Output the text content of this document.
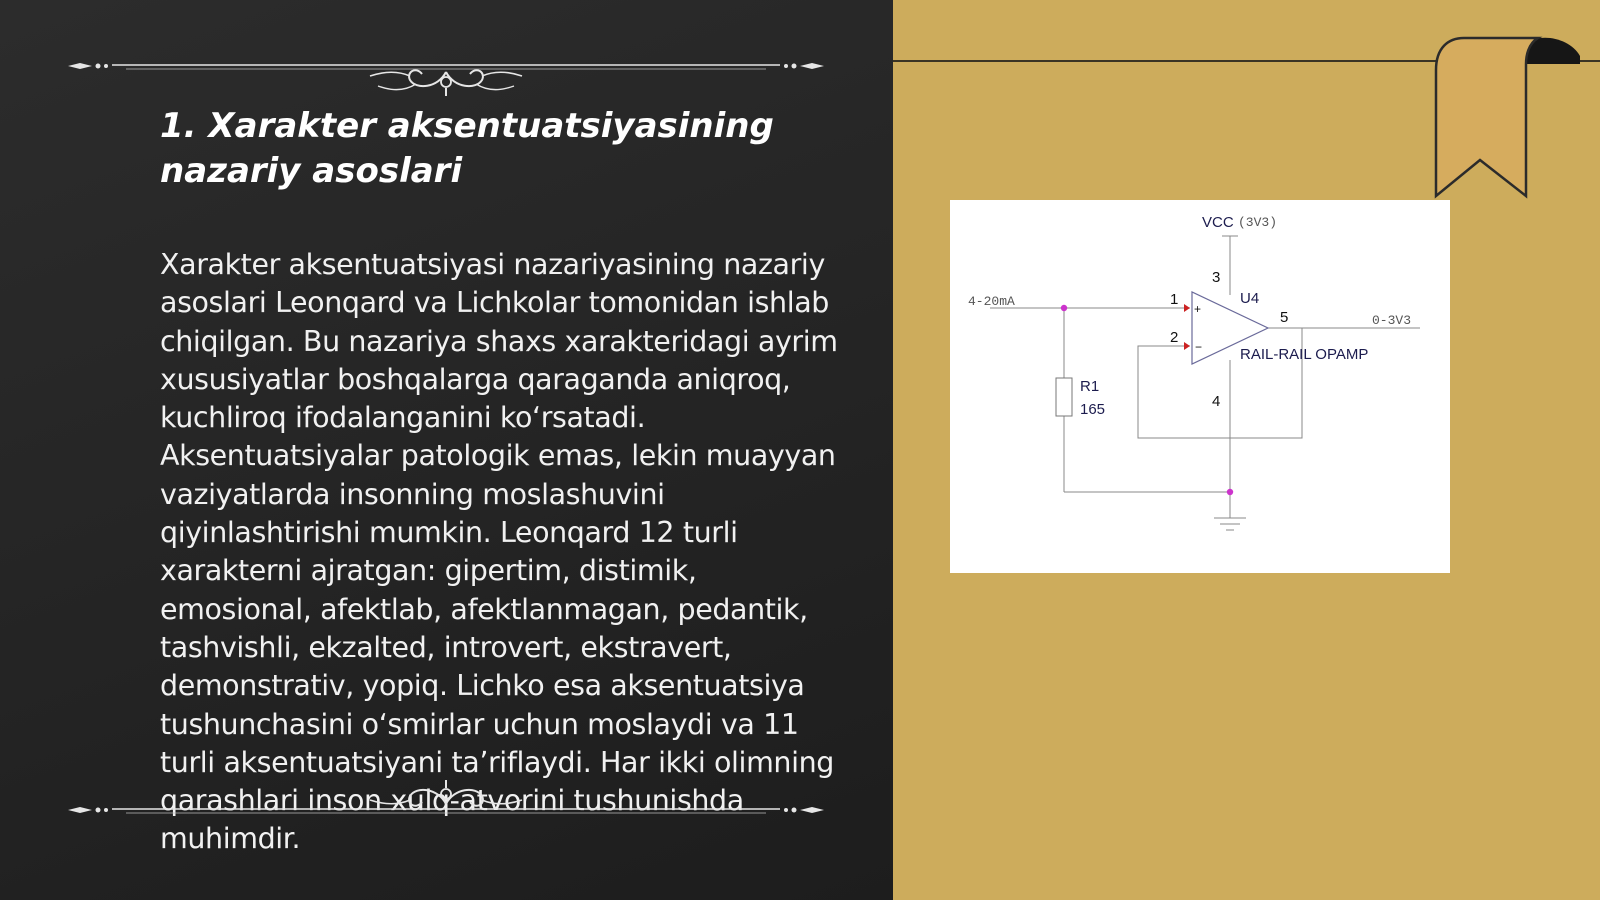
1. Xarakter aksentuatsiyasining nazariy asoslari

Xarakter aksentuatsiyasi nazariyasining nazariy asoslari Leonqard va Lichkolar tomonidan ishlab chiqilgan. Bu nazariya shaxs xarakteridagi ayrim xususiyatlar boshqalarga qaraganda aniqroq, kuchliroq ifodalanganini koʻrsatadi. Aksentuatsiyalar patologik emas, lekin muayyan vaziyatlarda insonning moslashuvini qiyinlashtirishi mumkin. Leonqard 12 turli xarakterni ajratgan: gipertim, distimik, emosional, afektlab, afektlanmagan, pedantik, tashvishli, ekzalted, introvert, ekstravert, demonstrativ, yopiq. Lichko esa aksentuatsiya tushunchasini oʻsmirlar uchun moslaydi va 11 turli aksentuatsiyani taʼriflaydi. Har ikki olimning qarashlari inson xulq-atvorini tushunishda muhimdir.

VCC (3V3)
4-20mA
0-3V3
U4
RAIL-RAIL OPAMP
R1
165
1
2
3
4
5
+
−
